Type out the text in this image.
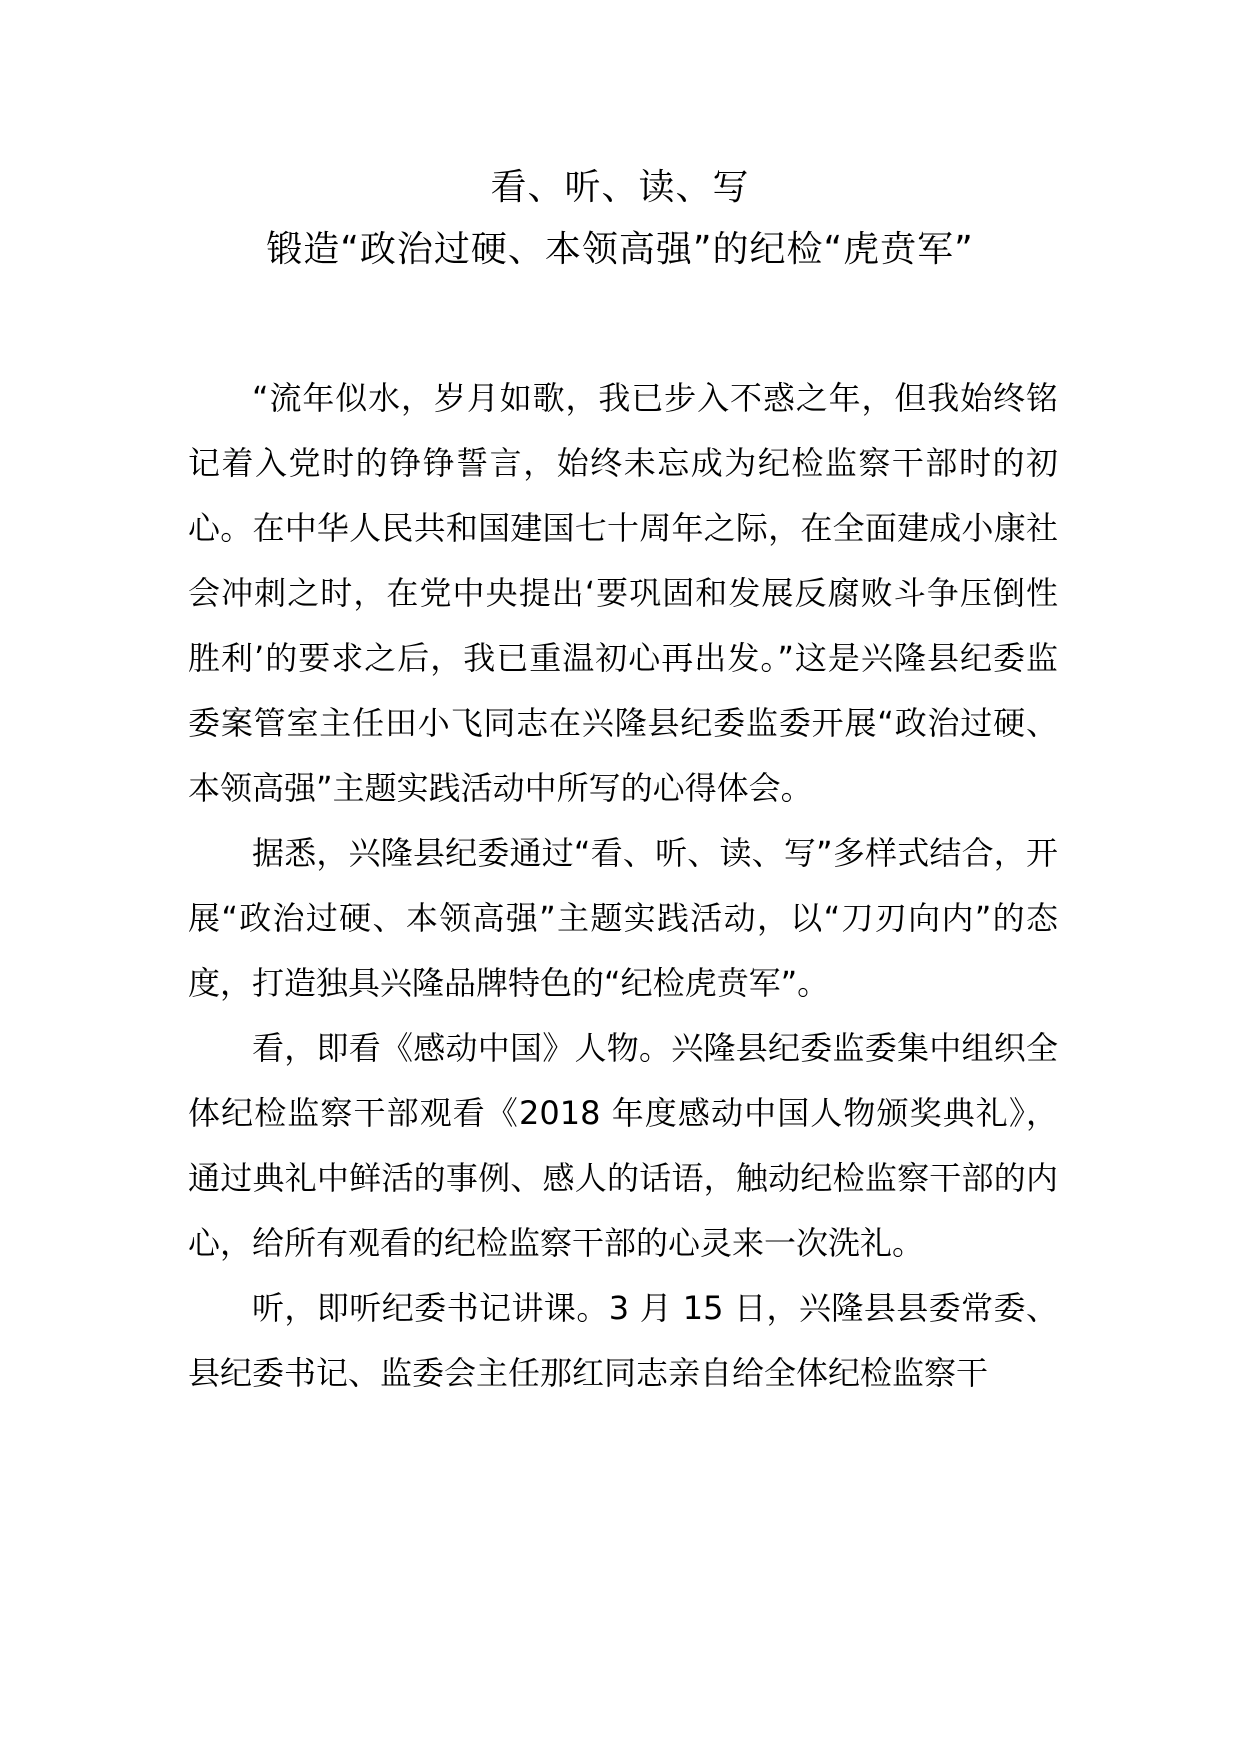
看、听、读、写
锻造“政治过硬、本领高强”的纪检“虎贲军”

“流年似水，岁月如歌，我已步入不惑之年，但我始终铭记着入党时的铮铮誓言，始终未忘成为纪检监察干部时的初心。在中华人民共和国建国七十周年之际，在全面建成小康社会冲刺之时，在党中央提出‘要巩固和发展反腐败斗争压倒性胜利’的要求之后，我已重温初心再出发。”这是兴隆县纪委监委案管室主任田小飞同志在兴隆县纪委监委开展“政治过硬、本领高强”主题实践活动中所写的心得体会。

据悉，兴隆县纪委通过“看、听、读、写”多样式结合，开展“政治过硬、本领高强”主题实践活动，以“刀刃向内”的态度，打造独具兴隆品牌特色的“纪检虎贲军”。

看，即看《感动中国》人物。兴隆县纪委监委集中组织全体纪检监察干部观看《2018 年度感动中国人物颁奖典礼》，通过典礼中鲜活的事例、感人的话语，触动纪检监察干部的内心，给所有观看的纪检监察干部的心灵来一次洗礼。

听，即听纪委书记讲课。3 月 15 日，兴隆县县委常委、县纪委书记、监委会主任那红同志亲自给全体纪检监察干
